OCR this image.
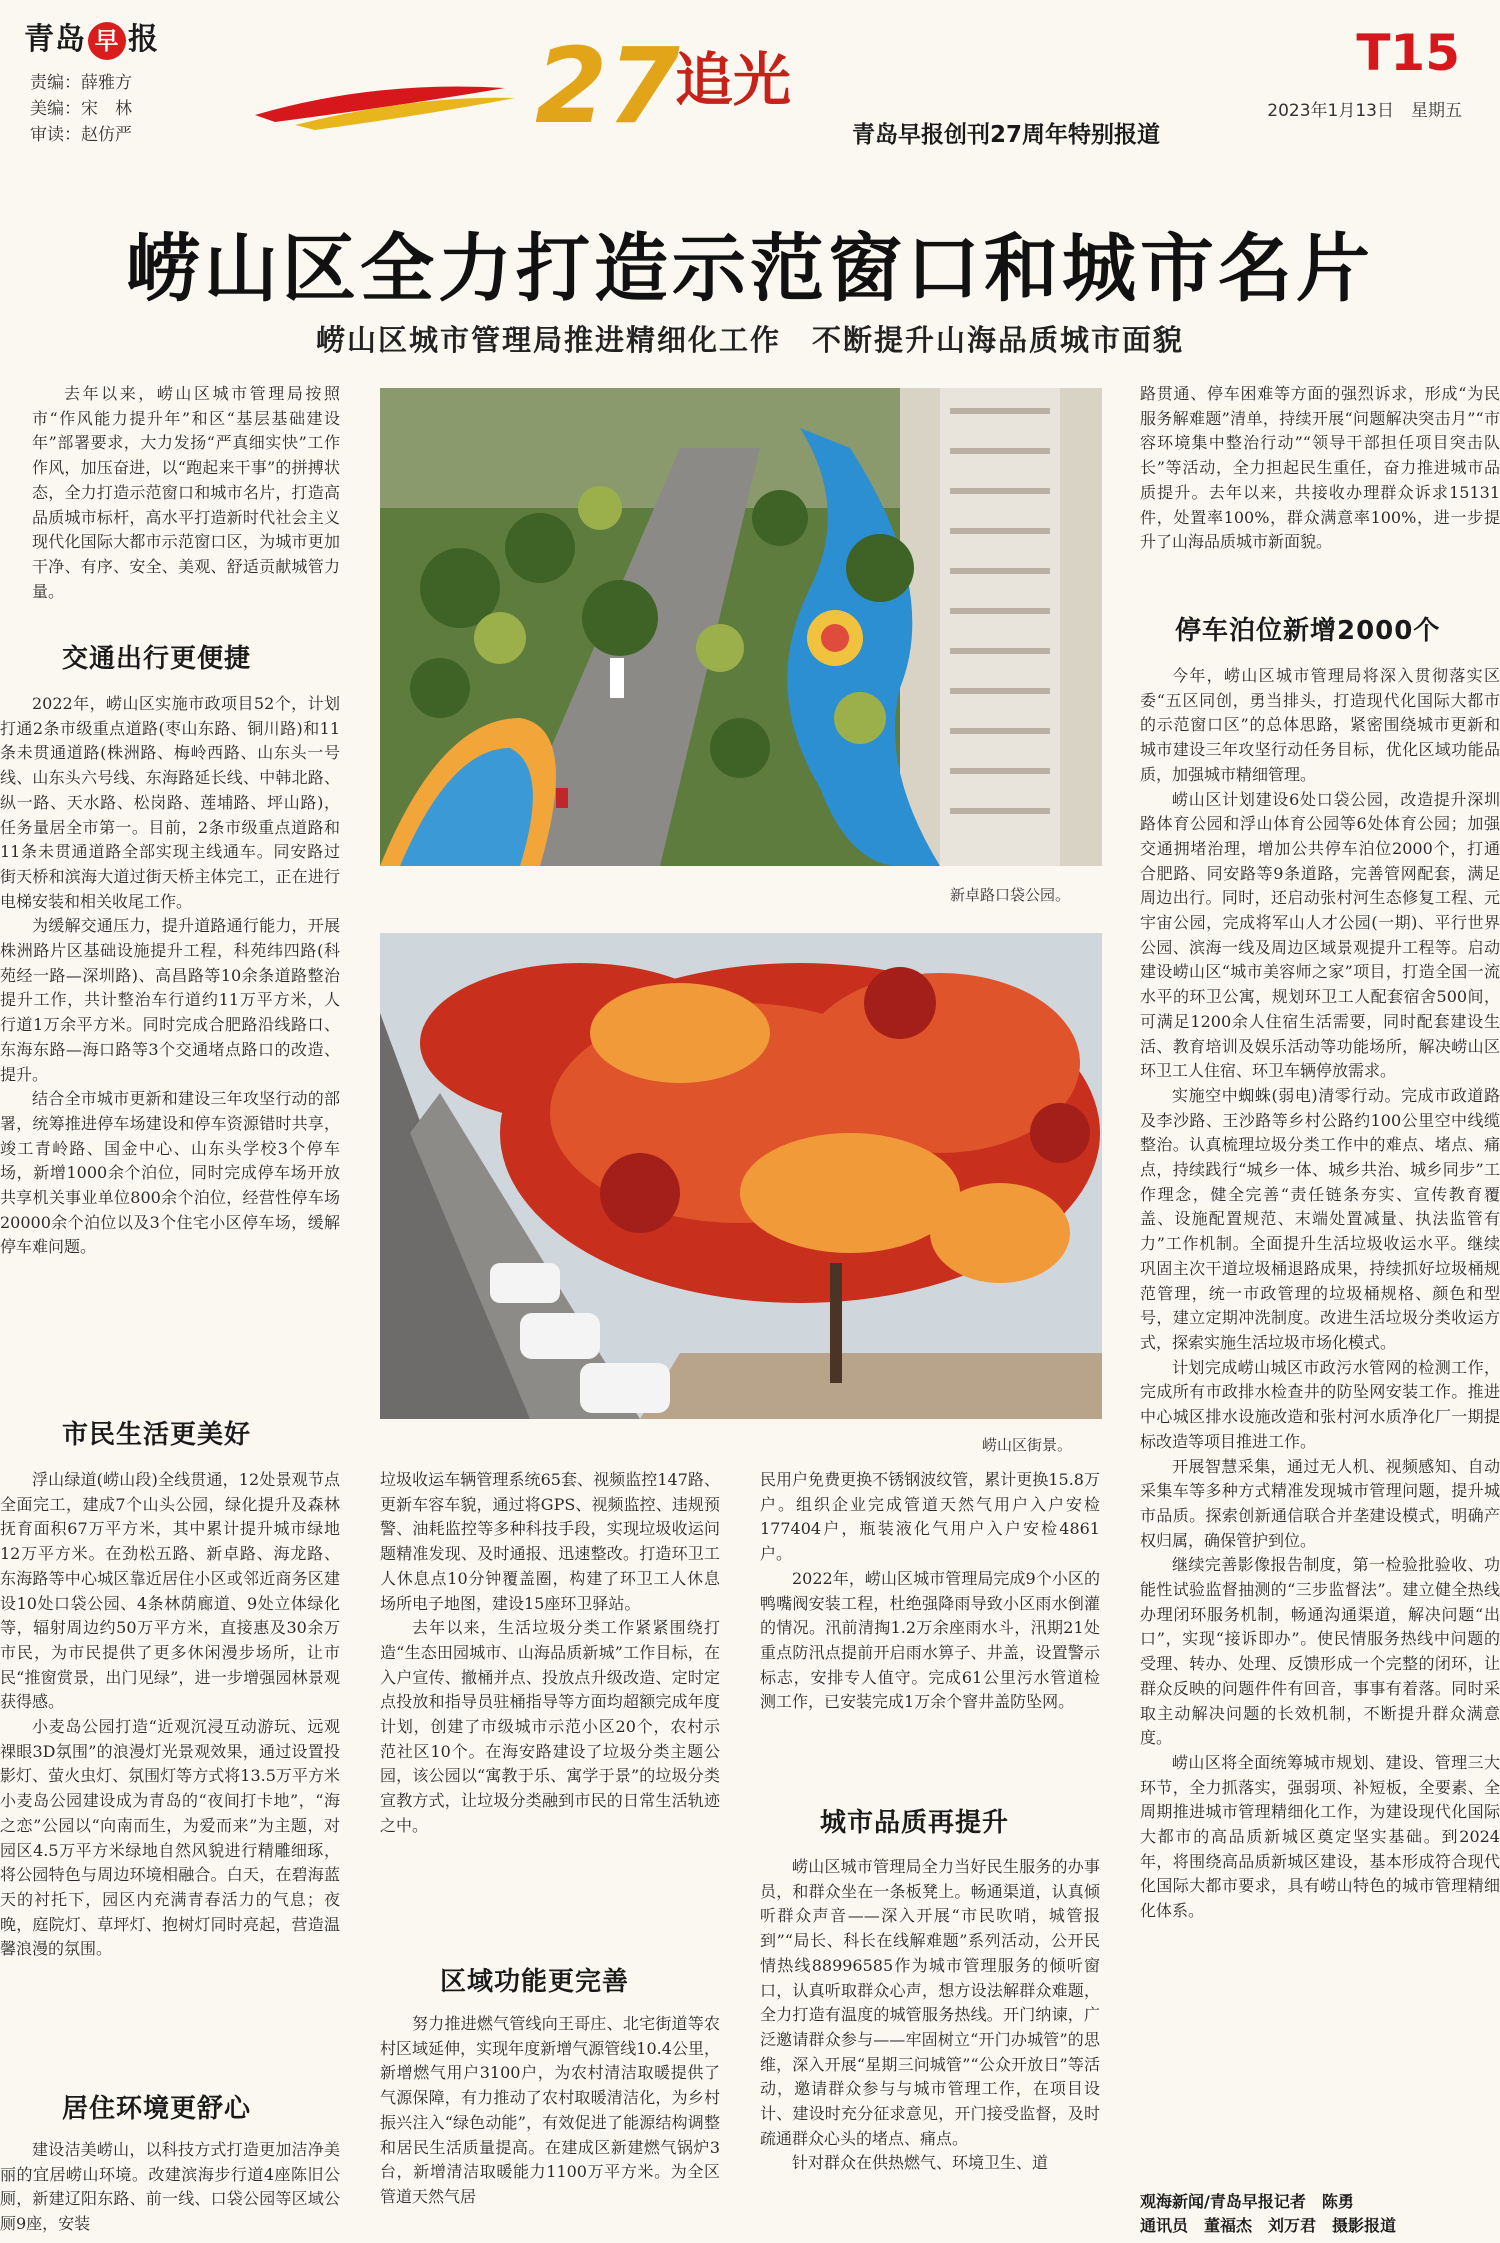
青岛 早 报
责编：薛雅方
美编：宋　林
审读：赵仿严	27
追光
青岛早报创刊27周年特别报道
T15
2023年1月13日　星期五
崂山区全力打造示范窗口和城市名片
崂山区城市管理局推进精细化工作　不断提升山海品质城市面貌

去年以来，崂山区城市管理局按照市“作风能力提升年”和区“基层基础建设年”部署要求，大力发扬“严真细实快”工作作风，加压奋进，以“跑起来干事”的拼搏状态，全力打造示范窗口和城市名片，打造高品质城市标杆，高水平打造新时代社会主义现代化国际大都市示范窗口区，为城市更加干净、有序、安全、美观、舒适贡献城管力量。

交通出行更便捷

2022年，崂山区实施市政项目52个，计划打通2条市级重点道路(枣山东路、铜川路)和11条未贯通道路(株洲路、梅岭西路、山东头一号线、山东头六号线、东海路延长线、中韩北路、纵一路、天水路、松岗路、莲埔路、坪山路)，任务量居全市第一。目前，2条市级重点道路和11条未贯通道路全部实现主线通车。同安路过街天桥和滨海大道过街天桥主体完工，正在进行电梯安装和相关收尾工作。

为缓解交通压力，提升道路通行能力，开展株洲路片区基础设施提升工程，科苑纬四路(科苑经一路—深圳路)、高昌路等10余条道路整治提升工作，共计整治车行道约11万平方米，人行道1万余平方米。同时完成合肥路沿线路口、东海东路—海口路等3个交通堵点路口的改造、提升。

结合全市城市更新和建设三年攻坚行动的部署，统筹推进停车场建设和停车资源错时共享，竣工青岭路、国金中心、山东头学校3个停车场，新增1000余个泊位，同时完成停车场开放共享机关事业单位800余个泊位，经营性停车场20000余个泊位以及3个住宅小区停车场，缓解停车难问题。

市民生活更美好

浮山绿道(崂山段)全线贯通，12处景观节点全面完工，建成7个山头公园，绿化提升及森林抚育面积67万平方米，其中累计提升城市绿地12万平方米。在劲松五路、新卓路、海龙路、东海路等中心城区靠近居住小区或邻近商务区建设10处口袋公园、4条林荫廊道、9处立体绿化等，辐射周边约50万平方米，直接惠及30余万市民，为市民提供了更多休闲漫步场所，让市民“推窗赏景，出门见绿”，进一步增强园林景观获得感。

小麦岛公园打造“近观沉浸互动游玩、远观裸眼3D氛围”的浪漫灯光景观效果，通过设置投影灯、萤火虫灯、氛围灯等方式将13.5万平方米小麦岛公园建设成为青岛的“夜间打卡地”，“海之恋”公园以“向南而生，为爱而来”为主题，对园区4.5万平方米绿地自然风貌进行精雕细琢，将公园特色与周边环境相融合。白天，在碧海蓝天的衬托下，园区内充满青春活力的气息；夜晚，庭院灯、草坪灯、抱树灯同时亮起，营造温馨浪漫的氛围。

居住环境更舒心

建设洁美崂山，以科技方式打造更加洁净美丽的宜居崂山环境。改建滨海步行道4座陈旧公厕，新建辽阳东路、前一线、口袋公园等区域公厕9座，安装

新卓路口袋公园。
崂山区街景。

垃圾收运车辆管理系统65套、视频监控147路、更新车容车貌，通过将GPS、视频监控、违规预警、油耗监控等多种科技手段，实现垃圾收运问题精准发现、及时通报、迅速整改。打造环卫工人休息点10分钟覆盖圈，构建了环卫工人休息场所电子地图，建设15座环卫驿站。

去年以来，生活垃圾分类工作紧紧围绕打造“生态田园城市、山海品质新城”工作目标，在入户宣传、撤桶并点、投放点升级改造、定时定点投放和指导员驻桶指导等方面均超额完成年度计划，创建了市级城市示范小区20个，农村示范社区10个。在海安路建设了垃圾分类主题公园，该公园以“寓教于乐、寓学于景”的垃圾分类宣教方式，让垃圾分类融到市民的日常生活轨迹之中。

区域功能更完善

努力推进燃气管线向王哥庄、北宅街道等农村区域延伸，实现年度新增气源管线10.4公里，新增燃气用户3100户，为农村清洁取暖提供了气源保障，有力推动了农村取暖清洁化，为乡村振兴注入“绿色动能”，有效促进了能源结构调整和居民生活质量提高。在建成区新建燃气锅炉3台，新增清洁取暖能力1100万平方米。为全区管道天然气居

民用户免费更换不锈钢波纹管，累计更换15.8万户。组织企业完成管道天然气用户入户安检177404户，瓶装液化气用户入户安检4861户。

2022年，崂山区城市管理局完成9个小区的鸭嘴阀安装工程，杜绝强降雨导致小区雨水倒灌的情况。汛前清掏1.2万余座雨水斗，汛期21处重点防汛点提前开启雨水箅子、井盖，设置警示标志，安排专人值守。完成61公里污水管道检测工作，已安装完成1万余个窨井盖防坠网。

城市品质再提升

崂山区城市管理局全力当好民生服务的办事员，和群众坐在一条板凳上。畅通渠道，认真倾听群众声音——深入开展“市民吹哨，城管报到”“局长、科长在线解难题”系列活动，公开民情热线88996585作为城市管理服务的倾听窗口，认真听取群众心声，想方设法解群众难题，全力打造有温度的城管服务热线。开门纳谏，广泛邀请群众参与——牢固树立“开门办城管”的思维，深入开展“星期三问城管”“公众开放日”等活动，邀请群众参与与城市管理工作，在项目设计、建设时充分征求意见，开门接受监督，及时疏通群众心头的堵点、痛点。

针对群众在供热燃气、环境卫生、道

路贯通、停车困难等方面的强烈诉求，形成“为民服务解难题”清单，持续开展“问题解决突击月”“市容环境集中整治行动”“领导干部担任项目突击队长”等活动，全力担起民生重任，奋力推进城市品质提升。去年以来，共接收办理群众诉求15131件，处置率100%，群众满意率100%，进一步提升了山海品质城市新面貌。

停车泊位新增2000个

今年，崂山区城市管理局将深入贯彻落实区委“五区同创，勇当排头，打造现代化国际大都市的示范窗口区”的总体思路，紧密围绕城市更新和城市建设三年攻坚行动任务目标，优化区域功能品质，加强城市精细管理。

崂山区计划建设6处口袋公园，改造提升深圳路体育公园和浮山体育公园等6处体育公园；加强交通拥堵治理，增加公共停车泊位2000个，打通合肥路、同安路等9条道路，完善管网配套，满足周边出行。同时，还启动张村河生态修复工程、元宇宙公园，完成将军山人才公园(一期)、平行世界公园、滨海一线及周边区域景观提升工程等。启动建设崂山区“城市美容师之家”项目，打造全国一流水平的环卫公寓，规划环卫工人配套宿舍500间，可满足1200余人住宿生活需要，同时配套建设生活、教育培训及娱乐活动等功能场所，解决崂山区环卫工人住宿、环卫车辆停放需求。

实施空中蜘蛛(弱电)清零行动。完成市政道路及李沙路、王沙路等乡村公路约100公里空中线缆整治。认真梳理垃圾分类工作中的难点、堵点、痛点，持续践行“城乡一体、城乡共治、城乡同步”工作理念，健全完善“责任链条夯实、宣传教育覆盖、设施配置规范、末端处置减量、执法监管有力”工作机制。全面提升生活垃圾收运水平。继续巩固主次干道垃圾桶退路成果，持续抓好垃圾桶规范管理，统一市政管理的垃圾桶规格、颜色和型号，建立定期冲洗制度。改进生活垃圾分类收运方式，探索实施生活垃圾市场化模式。

计划完成崂山城区市政污水管网的检测工作，完成所有市政排水检查井的防坠网安装工作。推进中心城区排水设施改造和张村河水质净化厂一期提标改造等项目推进工作。

开展智慧采集，通过无人机、视频感知、自动采集车等多种方式精准发现城市管理问题，提升城市品质。探索创新通信联合并垄建设模式，明确产权归属，确保管护到位。

继续完善影像报告制度，第一检验批验收、功能性试验监督抽测的“三步监督法”。建立健全热线办理闭环服务机制，畅通沟通渠道，解决问题“出口”，实现“接诉即办”。使民情服务热线中问题的受理、转办、处理、反馈形成一个完整的闭环，让群众反映的问题件件有回音，事事有着落。同时采取主动解决问题的长效机制，不断提升群众满意度。

崂山区将全面统筹城市规划、建设、管理三大环节，全力抓落实，强弱项、补短板，全要素、全周期推进城市管理精细化工作，为建设现代化国际大都市的高品质新城区奠定坚实基础。到2024年，将围绕高品质新城区建设，基本形成符合现代化国际大都市要求，具有崂山特色的城市管理精细化体系。

观海新闻/青岛早报记者　陈勇
通讯员　董福杰　刘万君　摄影报道
